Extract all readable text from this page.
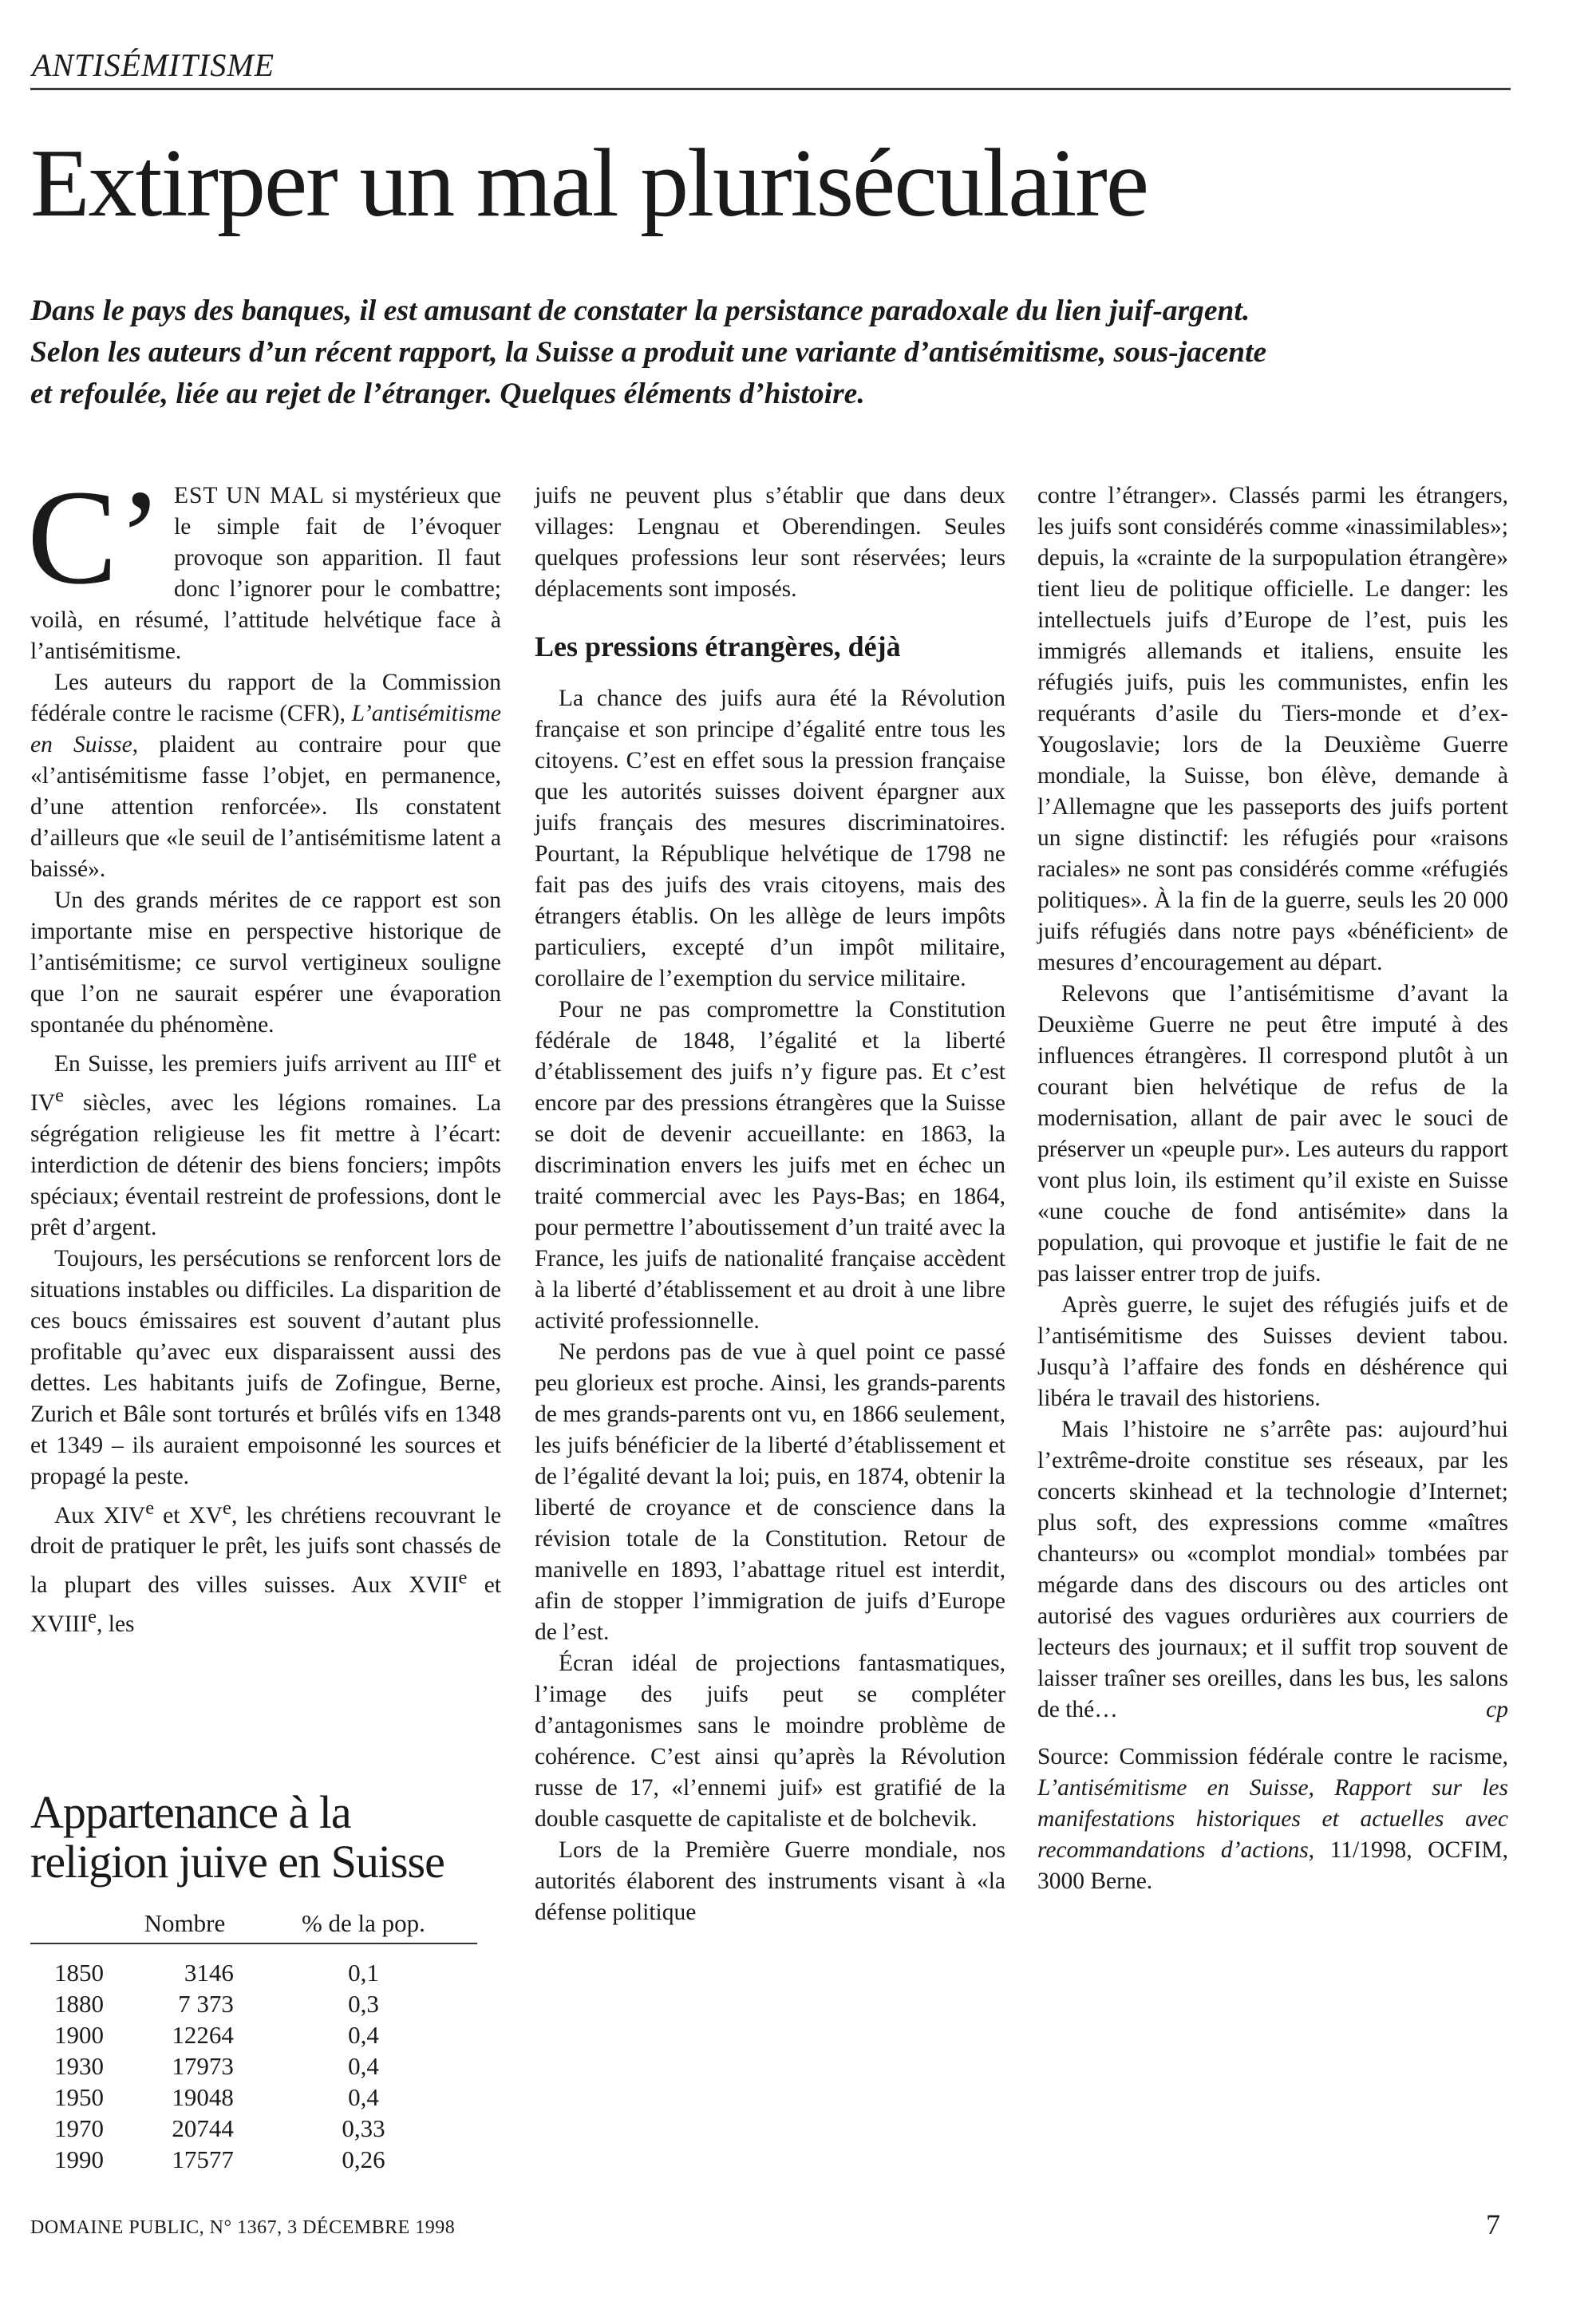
ANTISÉMITISME
Extirper un mal pluriséculaire

Dans le pays des banques, il est amusant de constater la persistance paradoxale du lien juif-argent. Selon les auteurs d’un récent rapport, la Suisse a produit une variante d’antisémitisme, sous-jacente et refoulée, liée au rejet de l’étranger. Quelques éléments d’histoire.

C’ EST UN MAL si mystérieux que le simple fait de l’évoquer provoque son apparition. Il faut donc l’ignorer pour le combattre; voilà, en résumé, l’attitude helvétique face à l’antisémitisme.

Les auteurs du rapport de la Commission fédérale contre le racisme (CFR), L’antisémitisme en Suisse, plaident au contraire pour que «l’antisémitisme fasse l’objet, en permanence, d’une attention renforcée». Ils constatent d’ailleurs que «le seuil de l’antisémitisme latent a baissé».

Un des grands mérites de ce rapport est son importante mise en perspective historique de l’antisémitisme; ce survol vertigineux souligne que l’on ne saurait espérer une évaporation spontanée du phénomène.

En Suisse, les premiers juifs arrivent au IIIe et IVe siècles, avec les légions romaines. La ségrégation religieuse les fit mettre à l’écart: interdiction de détenir des biens fonciers; impôts spéciaux; éventail restreint de professions, dont le prêt d’argent.

Toujours, les persécutions se renforcent lors de situations instables ou difficiles. La disparition de ces boucs émissaires est souvent d’autant plus profitable qu’avec eux disparaissent aussi des dettes. Les habitants juifs de Zofingue, Berne, Zurich et Bâle sont torturés et brûlés vifs en 1348 et 1349 – ils auraient empoisonné les sources et propagé la peste.

Aux XIVe et XVe, les chrétiens recouvrant le droit de pratiquer le prêt, les juifs sont chassés de la plupart des villes suisses. Aux XVIIe et XVIIIe, les

juifs ne peuvent plus s’établir que dans deux villages: Lengnau et Oberendingen. Seules quelques professions leur sont réservées; leurs déplacements sont imposés.

Les pressions étrangères, déjà

La chance des juifs aura été la Révolution française et son principe d’égalité entre tous les citoyens. C’est en effet sous la pression française que les autorités suisses doivent épargner aux juifs français des mesures discriminatoires. Pourtant, la République helvétique de 1798 ne fait pas des juifs des vrais citoyens, mais des étrangers établis. On les allège de leurs impôts particuliers, excepté d’un impôt militaire, corollaire de l’exemption du service militaire.

Pour ne pas compromettre la Constitution fédérale de 1848, l’égalité et la liberté d’établissement des juifs n’y figure pas. Et c’est encore par des pressions étrangères que la Suisse se doit de devenir accueillante: en 1863, la discrimination envers les juifs met en échec un traité commercial avec les Pays-Bas; en 1864, pour permettre l’aboutissement d’un traité avec la France, les juifs de nationalité française accèdent à la liberté d’établissement et au droit à une libre activité professionnelle.

Ne perdons pas de vue à quel point ce passé peu glorieux est proche. Ainsi, les grands-parents de mes grands-parents ont vu, en 1866 seulement, les juifs bénéficier de la liberté d’établissement et de l’égalité devant la loi; puis, en 1874, obtenir la liberté de croyance et de conscience dans la révision totale de la Constitution. Retour de manivelle en 1893, l’abattage rituel est interdit, afin de stopper l’immigration de juifs d’Europe de l’est.

Écran idéal de projections fantasmatiques, l’image des juifs peut se compléter d’antagonismes sans le moindre problème de cohérence. C’est ainsi qu’après la Révolution russe de 17, «l’ennemi juif» est gratifié de la double casquette de capitaliste et de bolchevik.

Lors de la Première Guerre mondiale, nos autorités élaborent des instruments visant à «la défense politique

contre l’étranger». Classés parmi les étrangers, les juifs sont considérés comme «inassimilables»; depuis, la «crainte de la surpopulation étrangère» tient lieu de politique officielle. Le danger: les intellectuels juifs d’Europe de l’est, puis les immigrés allemands et italiens, ensuite les réfugiés juifs, puis les communistes, enfin les requérants d’asile du Tiers-monde et d’ex-Yougoslavie; lors de la Deuxième Guerre mondiale, la Suisse, bon élève, demande à l’Allemagne que les passeports des juifs portent un signe distinctif: les réfugiés pour «raisons raciales» ne sont pas considérés comme «réfugiés politiques». À la fin de la guerre, seuls les 20 000 juifs réfugiés dans notre pays «bénéficient» de mesures d’encouragement au départ.

Relevons que l’antisémitisme d’avant la Deuxième Guerre ne peut être imputé à des influences étrangères. Il correspond plutôt à un courant bien helvétique de refus de la modernisation, allant de pair avec le souci de préserver un «peuple pur». Les auteurs du rapport vont plus loin, ils estiment qu’il existe en Suisse «une couche de fond antisémite» dans la population, qui provoque et justifie le fait de ne pas laisser entrer trop de juifs.

Après guerre, le sujet des réfugiés juifs et de l’antisémitisme des Suisses devient tabou. Jusqu’à l’affaire des fonds en déshérence qui libéra le travail des historiens.

Mais l’histoire ne s’arrête pas: aujourd’hui l’extrême-droite constitue ses réseaux, par les concerts skinhead et la technologie d’Internet; plus soft, des expressions comme «maîtres chanteurs» ou «complot mondial» tombées par mégarde dans des discours ou des articles ont autorisé des vagues ordurières aux courriers de lecteurs des journaux; et il suffit trop souvent de laisser traîner ses oreilles, dans les bus, les salons de thé…	cp

Source: Commission fédérale contre le racisme, L’antisémitisme en Suisse, Rapport sur les manifestations historiques et actuelles avec recommandations d’actions, 11/1998, OCFIM, 3000 Berne.

Appartenance à la
religion juive en Suisse
	Nombre	% de la pop.

1850	3146	0,1
1880	7 373	0,3
1900	12264	0,4
1930	17973	0,4
1950	19048	0,4
1970	20744	0,33
1990	17577	0,26
DOMAINE PUBLIC, N° 1367, 3 DÉCEMBRE 1998	7
